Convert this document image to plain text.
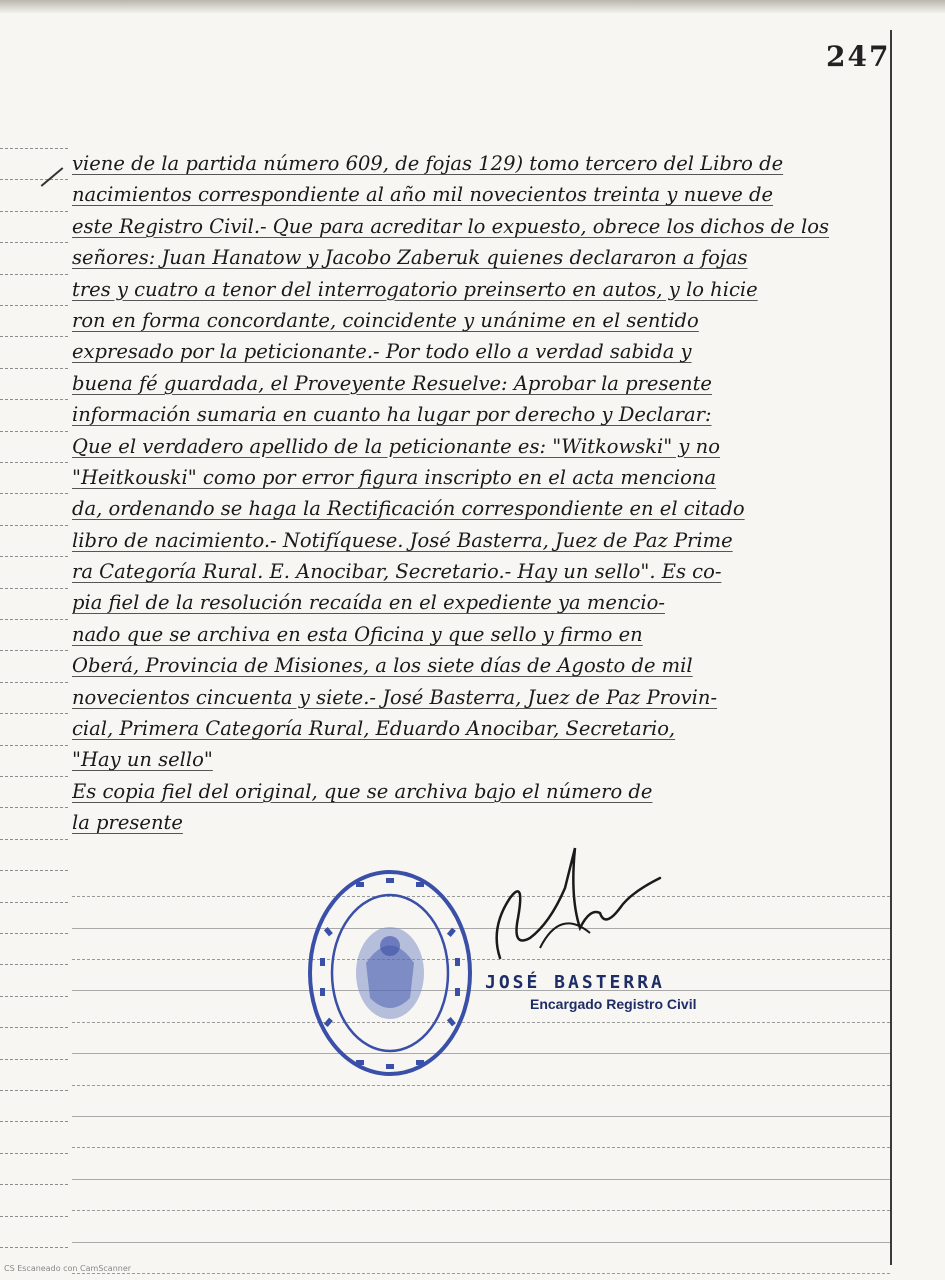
247
viene de la partida número 609, de fojas 129) tomo tercero del Libro de
nacimientos correspondiente al año mil novecientos treinta y nueve de
este Registro Civil.- Que para acreditar lo expuesto, obrece los dichos de los
señores: Juan Hanatow y Jacobo Zaberuk quienes declararon a fojas
tres y cuatro a tenor del interrogatorio preinserto en autos, y lo hicie
ron en forma concordante, coincidente y unánime en el sentido
expresado por la peticionante.- Por todo ello a verdad sabida y
buena fé guardada, el Proveyente Resuelve: Aprobar la presente
información sumaria en cuanto ha lugar por derecho y Declarar:
Que el verdadero apellido de la peticionante es: "Witkowski" y no
"Heitkouski" como por error figura inscripto en el acta menciona
da, ordenando se haga la Rectificación correspondiente en el citado
libro de nacimiento.- Notifíquese. José Basterra, Juez de Paz Prime
ra Categoría Rural. E. Anocibar, Secretario.- Hay un sello". Es co-
pia fiel de la resolución recaída en el expediente ya mencio-
nado que se archiva en esta Oficina y que sello y firmo en
Oberá, Provincia de Misiones, a los siete días de Agosto de mil
novecientos cincuenta y siete.- José Basterra, Juez de Paz Provin-
cial, Primera Categoría Rural, Eduardo Anocibar, Secretario,
"Hay un sello"
Es copia fiel del original, que se archiva bajo el número de
la presente
JOSÉ BASTERRA
Encargado Registro Civil
CS Escaneado con CamScanner
